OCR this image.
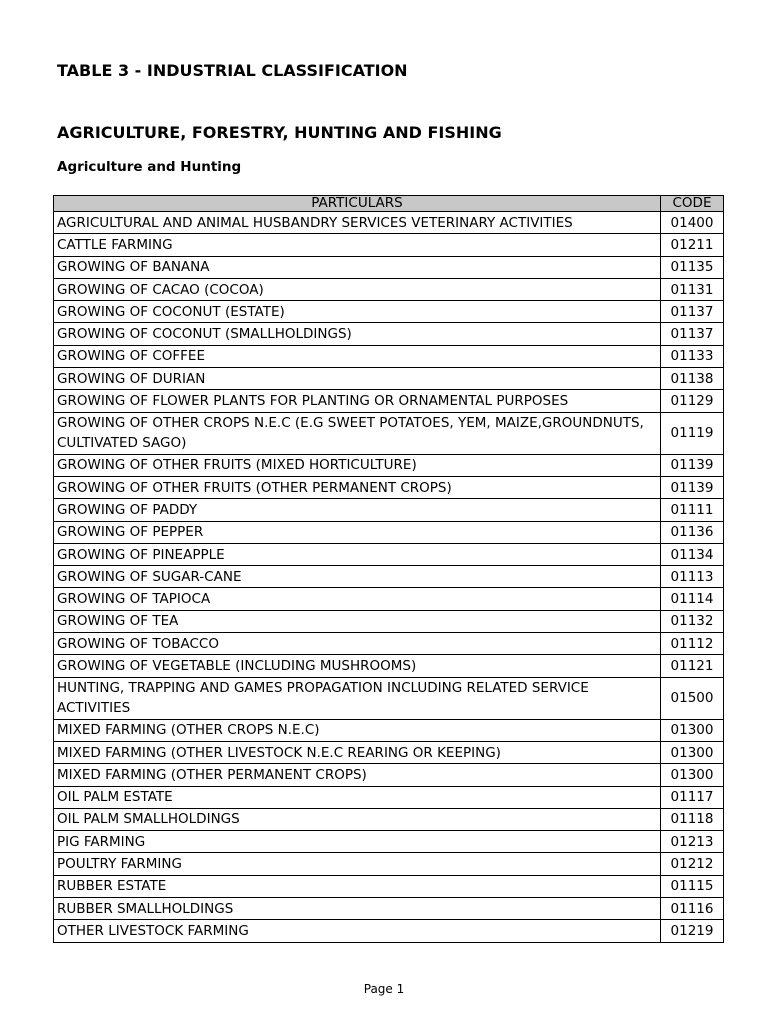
TABLE 3 - INDUSTRIAL CLASSIFICATION
AGRICULTURE, FORESTRY, HUNTING AND FISHING
Agriculture and Hunting
PARTICULARS	CODE
AGRICULTURAL AND ANIMAL HUSBANDRY SERVICES VETERINARY ACTIVITIES	01400
CATTLE FARMING	01211
GROWING OF BANANA	01135
GROWING OF CACAO (COCOA)	01131
GROWING OF COCONUT (ESTATE)	01137
GROWING OF COCONUT (SMALLHOLDINGS)	01137
GROWING OF COFFEE	01133
GROWING OF DURIAN	01138
GROWING OF FLOWER PLANTS FOR PLANTING OR ORNAMENTAL PURPOSES	01129
GROWING OF OTHER CROPS N.E.C (E.G SWEET POTATOES, YEM, MAIZE,GROUNDNUTS, CULTIVATED SAGO)	01119
GROWING OF OTHER FRUITS (MIXED HORTICULTURE)	01139
GROWING OF OTHER FRUITS (OTHER PERMANENT CROPS)	01139
GROWING OF PADDY	01111
GROWING OF PEPPER	01136
GROWING OF PINEAPPLE	01134
GROWING OF SUGAR-CANE	01113
GROWING OF TAPIOCA	01114
GROWING OF TEA	01132
GROWING OF TOBACCO	01112
GROWING OF VEGETABLE (INCLUDING MUSHROOMS)	01121
HUNTING, TRAPPING AND GAMES PROPAGATION INCLUDING RELATED SERVICE ACTIVITIES	01500
MIXED FARMING (OTHER CROPS N.E.C)	01300
MIXED FARMING (OTHER LIVESTOCK N.E.C REARING OR KEEPING)	01300
MIXED FARMING (OTHER PERMANENT CROPS)	01300
OIL PALM ESTATE	01117
OIL PALM SMALLHOLDINGS	01118
PIG FARMING	01213
POULTRY FARMING	01212
RUBBER ESTATE	01115
RUBBER SMALLHOLDINGS	01116
OTHER LIVESTOCK FARMING	01219

Page 1
